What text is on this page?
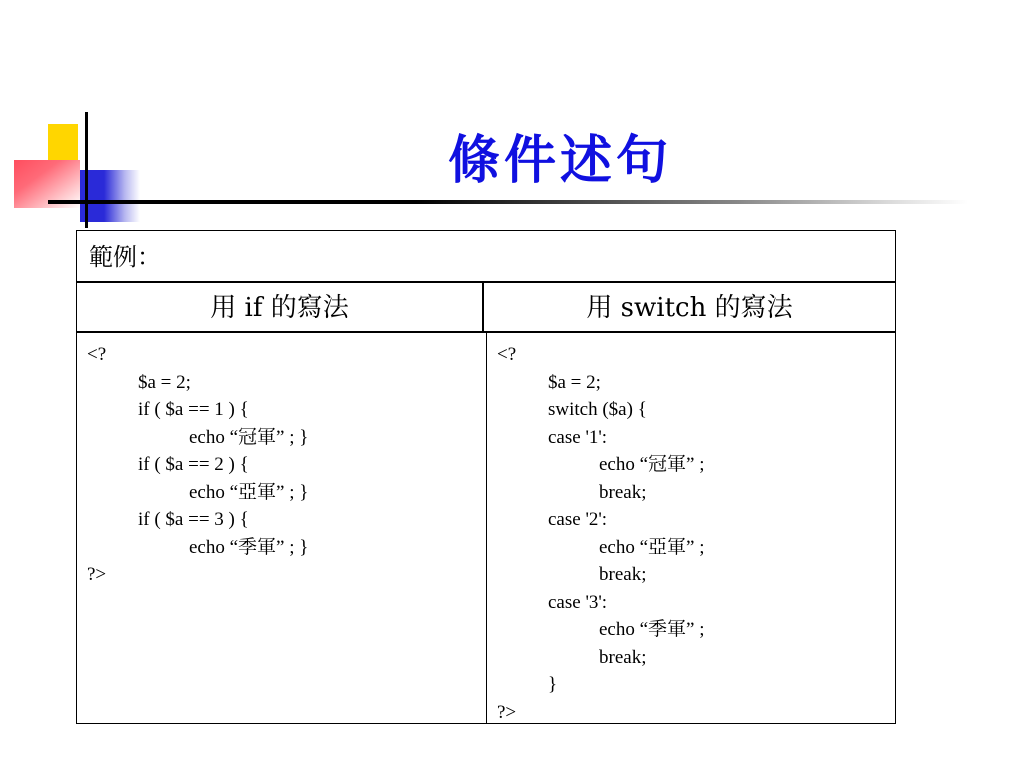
條件述句
範例：
用 if 的寫法	用 switch 的寫法
<?
$a = 2;
if ( $a == 1 ) {
echo “冠軍” ; }
if ( $a == 2 ) {
echo “亞軍” ; }
if ( $a == 3 ) {
echo “季軍” ; }
?>
<?
$a = 2;
switch ($a) {
case '1':
echo “冠軍” ;
break;
case '2':
echo “亞軍” ;
break;
case '3':
echo “季軍” ;
break;
}
?>
